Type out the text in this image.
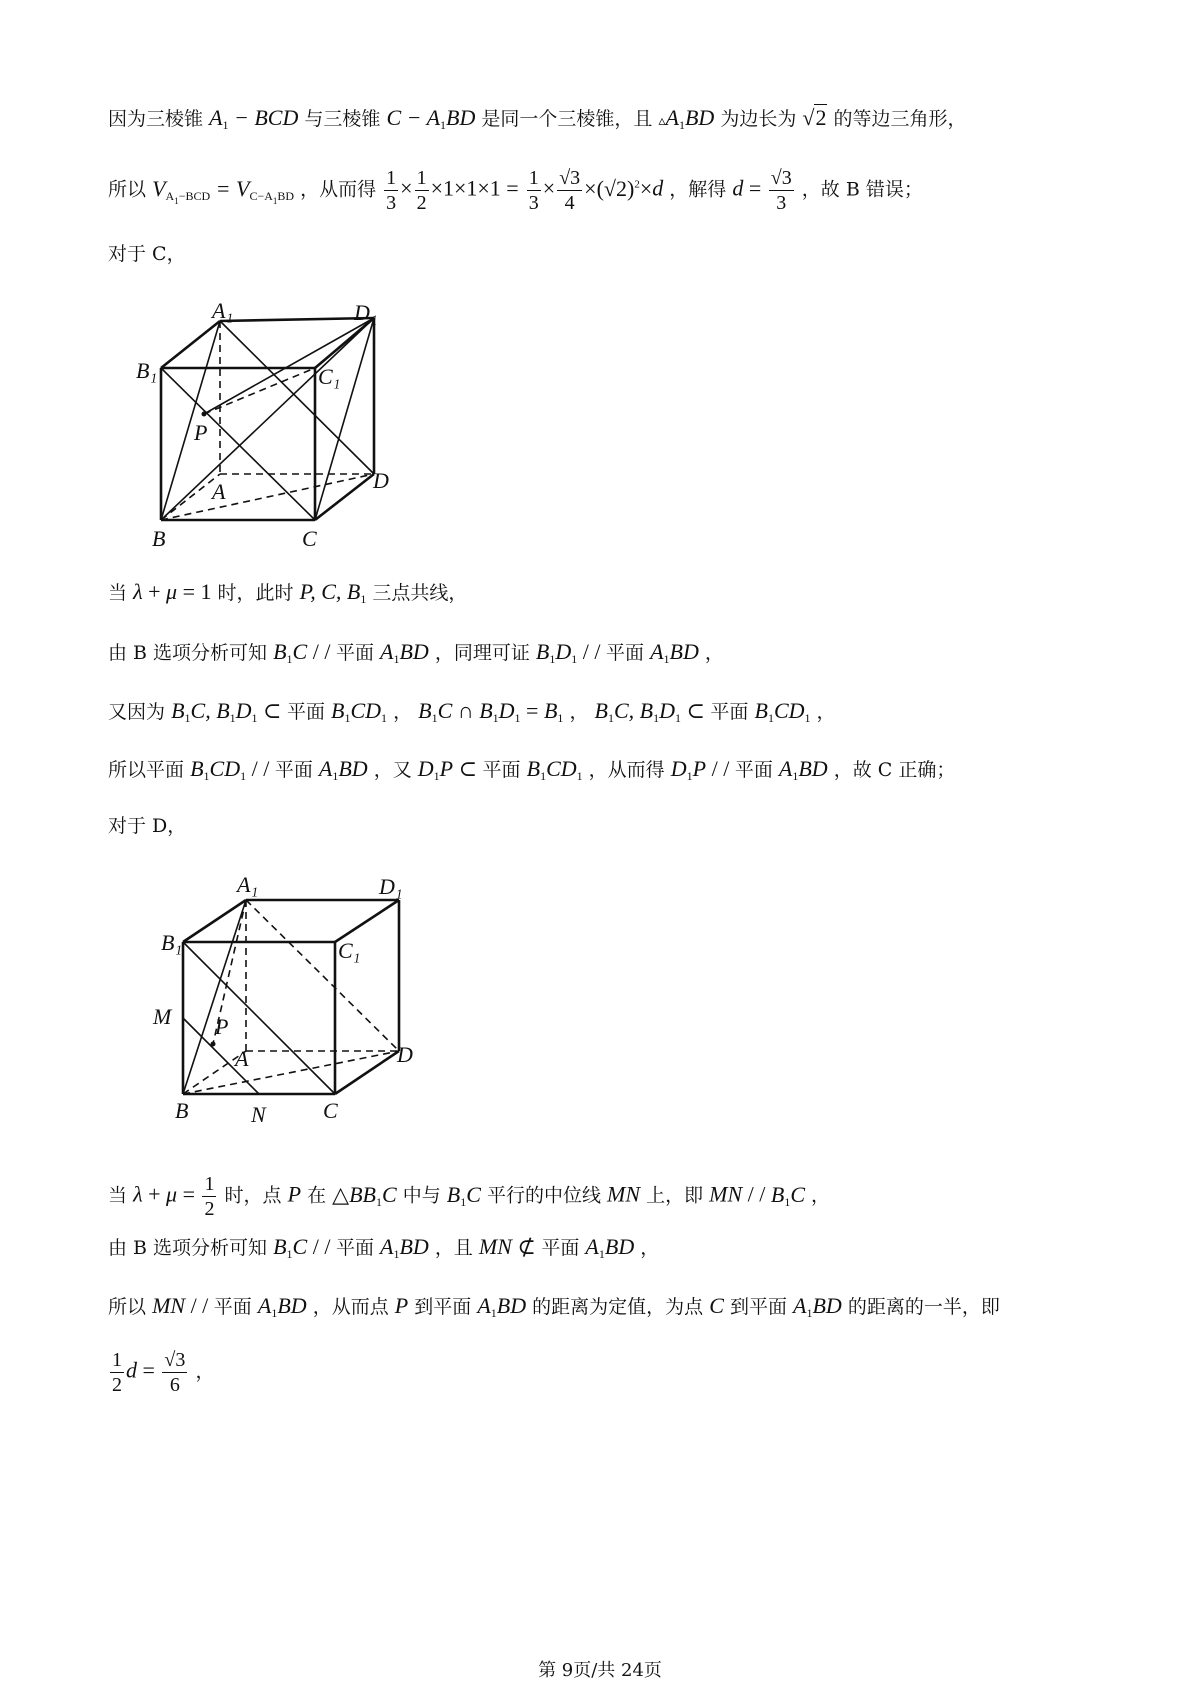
因为三棱锥 $A_1$ − BCD 与三棱锥 $C - A_1BD$ 是同一个三棱锥，且 $▵A_1BD$ 为边长为 √2 的等边三角形，
所以 $V_{A_1-BCD} = V_{C-A_1BD}$ ，从而得 $\frac{1}{3} \times \frac{1}{2} \times 1\times 1\times 1 = \frac{1}{3} \times \frac{√3}{4} \times(√2)^2\times d$ ，解得 $d = \frac{√3}{3}$ ，故 B 错误；
对于 C，
A₁	D₁
B₁	C₁
P
A	D
B	C
当 λ + μ = 1 时，此时 P, C, $B_1$ 三点共线，
由 B 选项分析可知 $B_1C$ / / 平面 $A_1BD$ ，同理可证 $B_1D_1$ / / 平面 $A_1BD$ ，
又因为 $B_1C$, $B_1D_1$ ⊂ 平面 $B_1CD_1$ ， $B_1C$ ∩ $B_1D_1 = B_1$ ， $B_1C$, $B_1D_1$ ⊂ 平面 $B_1CD_1$ ，
所以平面 $B_1CD_1$ / / 平面 $A_1BD$ ，又 $D_1P$ ⊂ 平面 $B_1CD_1$ ，从而得 $D_1P$ / / 平面 $A_1BD$ ，故 C 正确；
对于 D，
A₁	D₁
B₁	C₁
M P
A	D
B	N	C
当 $\lambda + \mu = \frac{1}{2}$ 时，点 P 在 $\triangle BB_1C$ 中与 $B_1C$ 平行的中位线 MN 上，即 MN / / $B_1C$ ，
由 B 选项分析可知 $B_1C$ / / 平面 $A_1BD$ ，且 MN ⊄ 平面 $A_1BD$ ，
所以 MN / / 平面 $A_1BD$ ，从而点 P 到平面 $A_1BD$ 的距离为定值，为点 C 到平面 $A_1BD$ 的距离的一半，即
$\frac{1}{2}$ $d = \frac{√3}{6}$ ，
第 9页/共 24页
